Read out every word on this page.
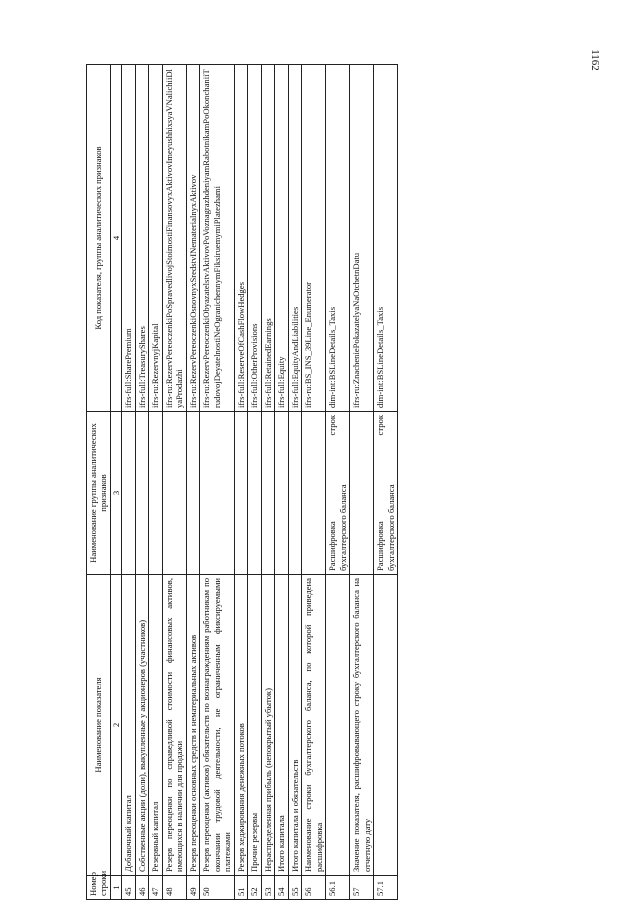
1162
Номер строки	Наименование показателя	Наименование группы аналитических признаков	Код показателя, группы аналитических признаков
1	2	3	4
45	Добавочный капитал		ifrs-full:SharePremium
46	Собственные акции (доли), выкупленные у акционеров (участников)		ifrs-full:TreasuryShares
47	Резервный капитал		ifrs-ru:RezervnyjKapital
48	Резерв переоценки по справедливой стоимости финансовых активов, имеющихся в наличии для продажи		ifrs-ru:RezervPereoczenkiPoSpravedlivojStoimostiFinansovyxAktivovImeyushhixsyaVNalichiiDlyaProdazhi
49	Резерв переоценки основных средств и нематериальных активов		ifrs-ru:RezervPereoczenkiOsnovnyxSredstvINematerialnyxAktivov
50	Резерв переоценки (активов) обязательств по вознаграждениям работникам по окончании трудовой деятельности, не ограниченным фиксируемыми платежами		ifrs-ru:RezervPereoczenkiObyazatelstvAktivovPoVoznagrazhdeniyamRabotnikamPoOkonchaniiTrudovojDeyatelnostiNeOgranichennymFiksiruemymiPlatezhami
51	Резерв хеджирования денежных потоков		ifrs-full:ReserveOfCashFlowHedges
52	Прочие резервы		ifrs-full:OtherProvisions
53	Нераспределенная прибыль (непокрытый убыток)		ifrs-full:RetainedEarnings
54	Итого капитала		ifrs-full:Equity
55	Итого капитала и обязательств		ifrs-full:EquityAndLiabilities
56	Наименование строки бухгалтерского баланса, по которой приведена расшифровка		ifrs-ru:BS_INS_39Line_Enumerator
56.1		Расшифровка
строк
бухгалтерского баланса	dim-int:BSLineDetails_Taxis
57	Значение показателя, расшифровывающего строку бухгалтерского баланса на отчетную дату		ifrs-ru:ZnacheniePokazatelyaNaOtchetnDatu
57.1		Расшифровка
строк
бухгалтерского баланса	dim-int:BSLineDetails_Taxis
